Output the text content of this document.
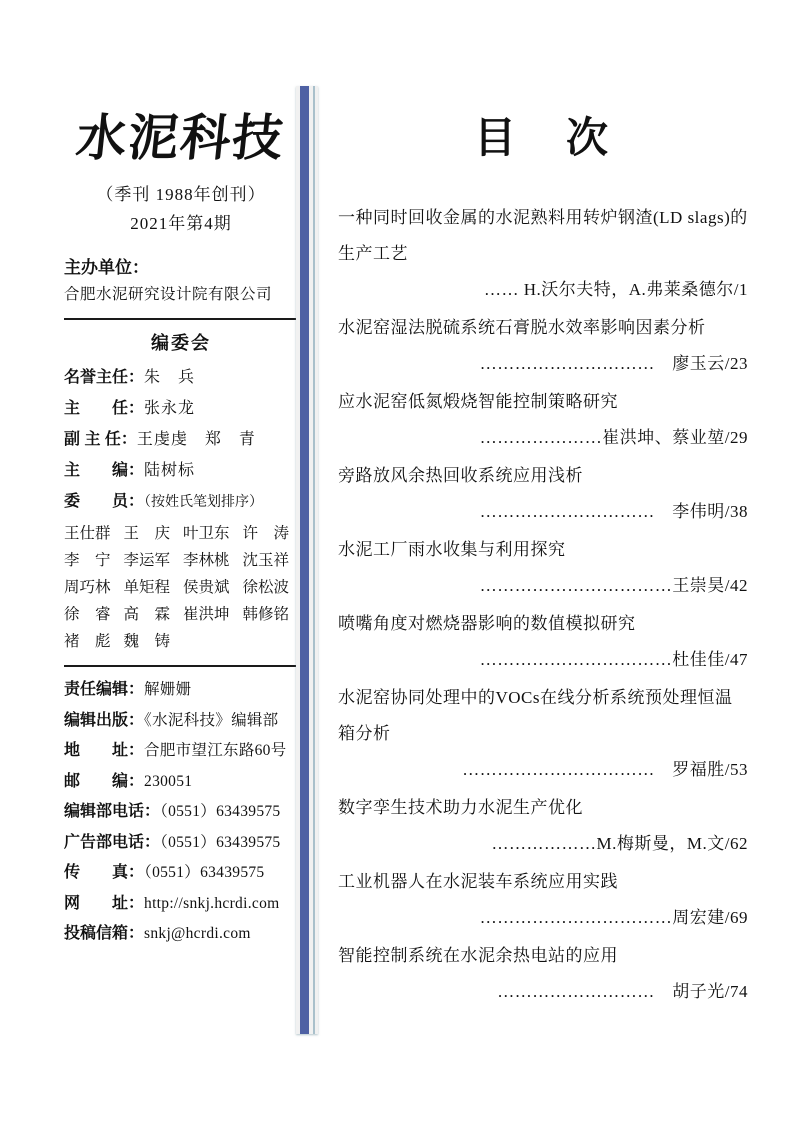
水泥科技
（季刊 1988年创刊）
2021年第4期
主办单位：
合肥水泥研究设计院有限公司
编委会
名誉主任：朱　兵
主　　任：张永龙
副 主 任：王虔虔　郑　青
主　　编：陆树标
委　　员：（按姓氏笔划排序）
王仕群 王　庆 叶卫东 许　涛
李　宁 李运军 李林桃 沈玉祥
周巧林 单矩程 侯贵斌 徐松波
徐　睿 高　霖 崔洪坤 韩修铭
褚　彪 魏　铸
责任编辑：解姗姗
编辑出版：《水泥科技》编辑部
地　　址：合肥市望江东路60号
邮　　编：230051
编辑部电话：（0551）63439575
广告部电话：（0551）63439575
传　　真：（0551）63439575
网　　址：http://snkj.hcrdi.com
投稿信箱：snkj@hcrdi.com
目　次
一种同时回收金属的水泥熟料用转炉钢渣(LD slags)的生产工艺
…… H.沃尔夫特，A.弗莱桑德尔/1
水泥窑湿法脱硫系统石膏脱水效率影响因素分析
…………………………　廖玉云/23
应水泥窑低氮煅烧智能控制策略研究
…………………崔洪坤、蔡业堃/29
旁路放风余热回收系统应用浅析
…………………………　李伟明/38
水泥工厂雨水收集与利用探究
……………………………王崇昊/42
喷嘴角度对燃烧器影响的数值模拟研究
……………………………杜佳佳/47
水泥窑协同处理中的VOCs在线分析系统预处理恒温箱分析
……………………………　罗福胜/53
数字孪生技术助力水泥生产优化
………………M.梅斯曼，M.文/62
工业机器人在水泥装车系统应用实践
……………………………周宏建/69
智能控制系统在水泥余热电站的应用
………………………　胡子光/74
